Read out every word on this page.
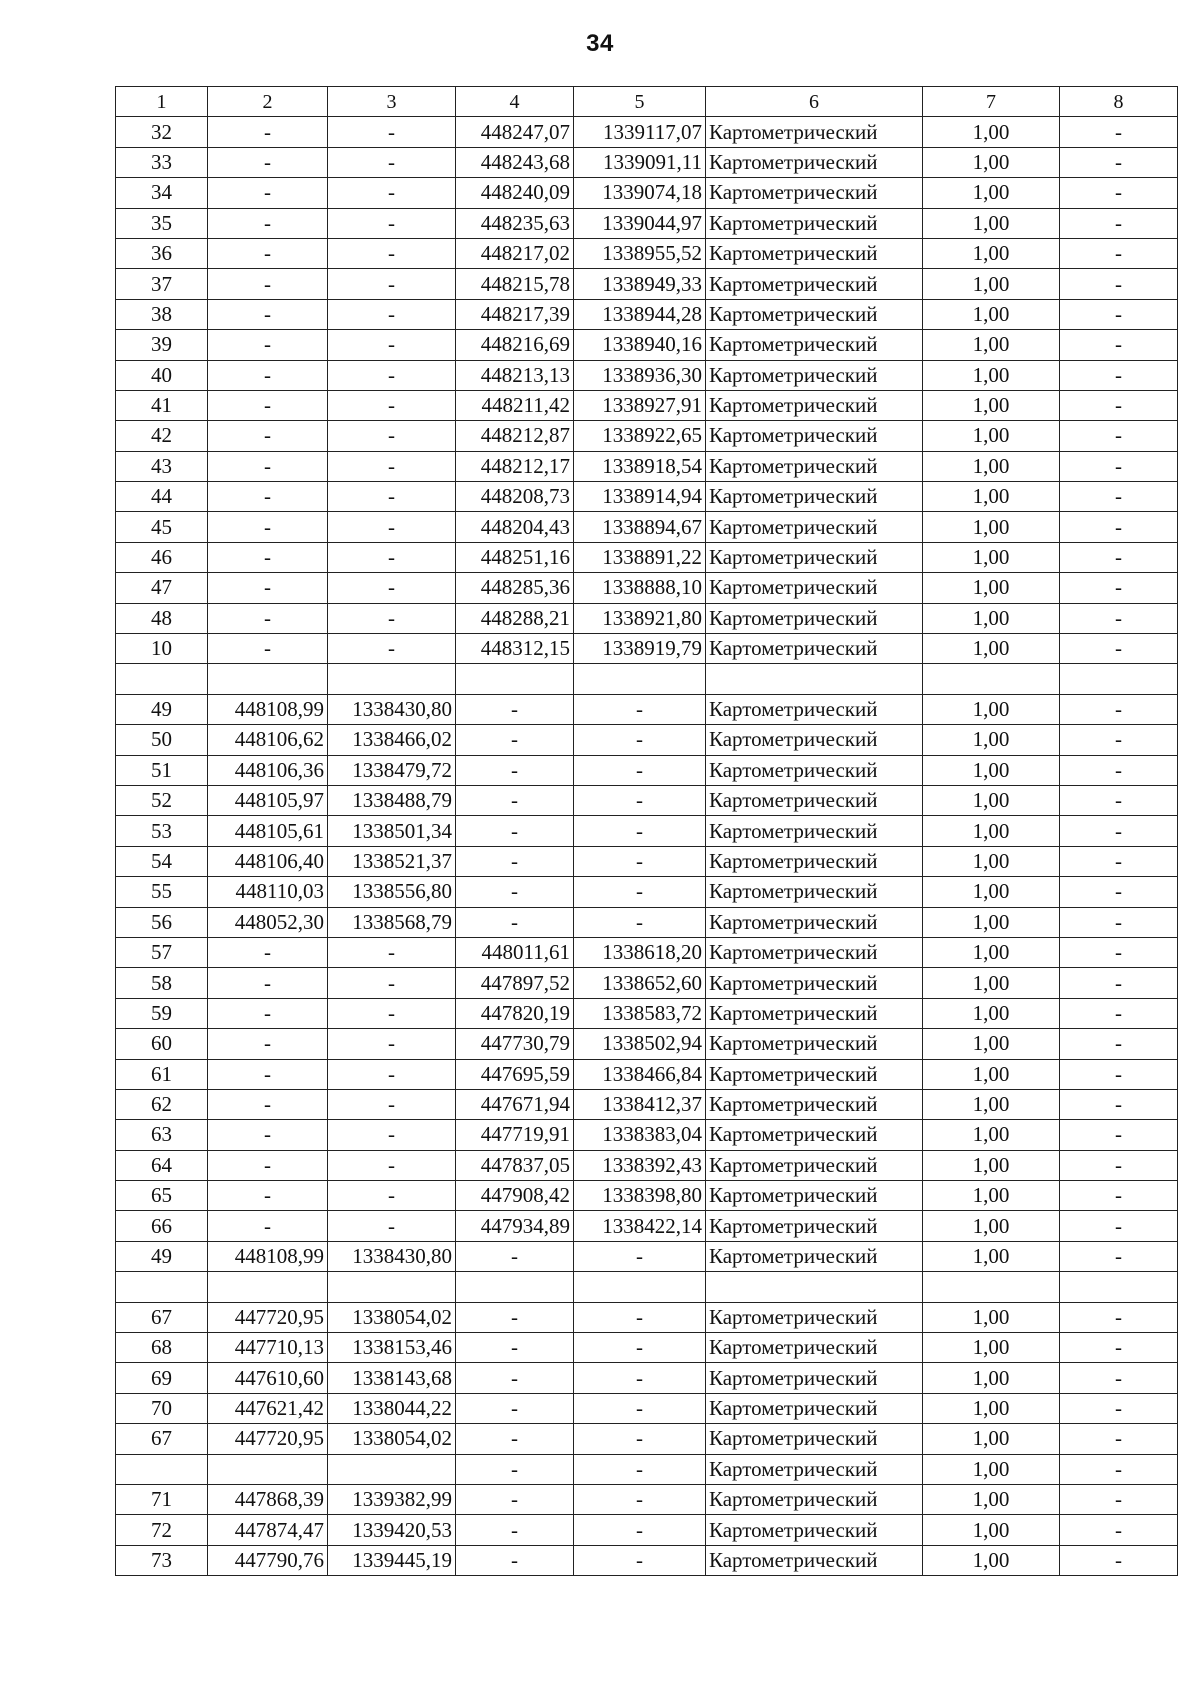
34
1	2	3	4	5	6	7	8
32	-	-	448247,07	1339117,07	Картометрический	1,00	-
33	-	-	448243,68	1339091,11	Картометрический	1,00	-
34	-	-	448240,09	1339074,18	Картометрический	1,00	-
35	-	-	448235,63	1339044,97	Картометрический	1,00	-
36	-	-	448217,02	1338955,52	Картометрический	1,00	-
37	-	-	448215,78	1338949,33	Картометрический	1,00	-
38	-	-	448217,39	1338944,28	Картометрический	1,00	-
39	-	-	448216,69	1338940,16	Картометрический	1,00	-
40	-	-	448213,13	1338936,30	Картометрический	1,00	-
41	-	-	448211,42	1338927,91	Картометрический	1,00	-
42	-	-	448212,87	1338922,65	Картометрический	1,00	-
43	-	-	448212,17	1338918,54	Картометрический	1,00	-
44	-	-	448208,73	1338914,94	Картометрический	1,00	-
45	-	-	448204,43	1338894,67	Картометрический	1,00	-
46	-	-	448251,16	1338891,22	Картометрический	1,00	-
47	-	-	448285,36	1338888,10	Картометрический	1,00	-
48	-	-	448288,21	1338921,80	Картометрический	1,00	-
10	-	-	448312,15	1338919,79	Картометрический	1,00	-

49	448108,99	1338430,80	-	-	Картометрический	1,00	-
50	448106,62	1338466,02	-	-	Картометрический	1,00	-
51	448106,36	1338479,72	-	-	Картометрический	1,00	-
52	448105,97	1338488,79	-	-	Картометрический	1,00	-
53	448105,61	1338501,34	-	-	Картометрический	1,00	-
54	448106,40	1338521,37	-	-	Картометрический	1,00	-
55	448110,03	1338556,80	-	-	Картометрический	1,00	-
56	448052,30	1338568,79	-	-	Картометрический	1,00	-
57	-	-	448011,61	1338618,20	Картометрический	1,00	-
58	-	-	447897,52	1338652,60	Картометрический	1,00	-
59	-	-	447820,19	1338583,72	Картометрический	1,00	-
60	-	-	447730,79	1338502,94	Картометрический	1,00	-
61	-	-	447695,59	1338466,84	Картометрический	1,00	-
62	-	-	447671,94	1338412,37	Картометрический	1,00	-
63	-	-	447719,91	1338383,04	Картометрический	1,00	-
64	-	-	447837,05	1338392,43	Картометрический	1,00	-
65	-	-	447908,42	1338398,80	Картометрический	1,00	-
66	-	-	447934,89	1338422,14	Картометрический	1,00	-
49	448108,99	1338430,80	-	-	Картометрический	1,00	-

67	447720,95	1338054,02	-	-	Картометрический	1,00	-
68	447710,13	1338153,46	-	-	Картометрический	1,00	-
69	447610,60	1338143,68	-	-	Картометрический	1,00	-
70	447621,42	1338044,22	-	-	Картометрический	1,00	-
67	447720,95	1338054,02	-	-	Картометрический	1,00	-
			-	-	Картометрический	1,00	-
71	447868,39	1339382,99	-	-	Картометрический	1,00	-
72	447874,47	1339420,53	-	-	Картометрический	1,00	-
73	447790,76	1339445,19	-	-	Картометрический	1,00	-
